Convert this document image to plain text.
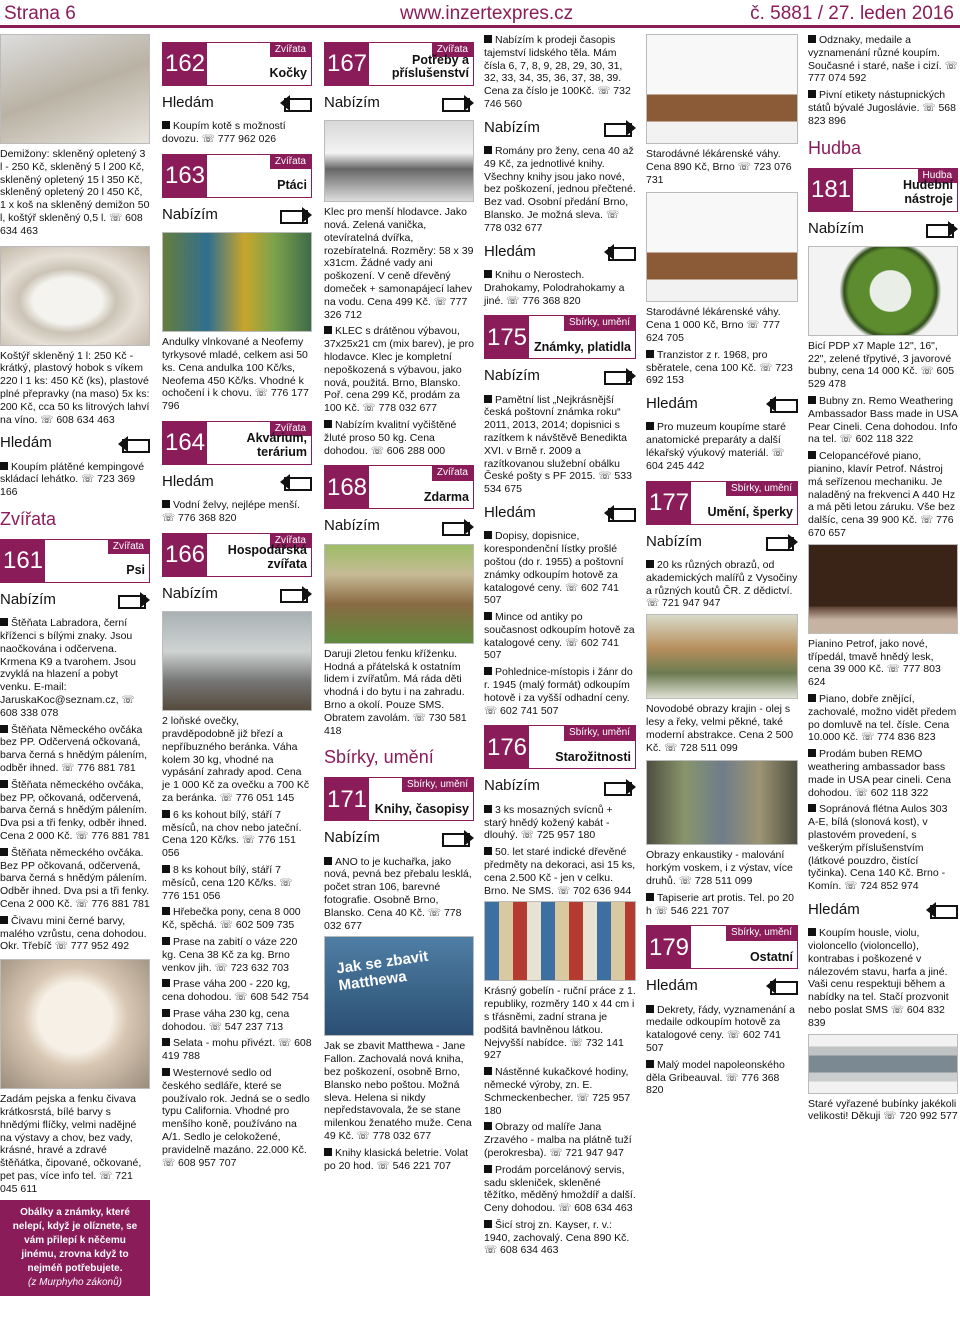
Strana 6	www.inzertexpres.cz	č. 5881 / 27. leden 2016

Demižony: skleněný opletený 3 l - 250 Kč, skleněný 5 l 200 Kč, skleněný opletený 15 l 350 Kč, skleněný opletený 20 l 450 Kč, 1 x koš na skleněný demižon 50 l, koštýř skleněný 0,5 l. ☏ 608 634 463

Koštýř skleněný 1 l: 250 Kč - krátký, plastový hobok s víkem 220 l 1 ks: 450 Kč (ks), plastové plné přepravky (na maso) 5x ks: 200 Kč, cca 50 ks litrových lahví na víno. ☏ 608 634 463

Hledám

Koupím plátěné kempingové skládací lehátko. ☏ 723 369 166

Zvířata
161
Zvířata
Psi
Nabízím

Štěňata Labradora, černí kříženci s bílými znaky. Jsou naočkována i odčervena. Krmena K9 a tvarohem. Jsou zvyklá na hlazení a pobyt venku. E-mail: JaruskaKoc@seznam.cz, ☏ 608 338 078

Štěňata Německého ovčáka bez PP. Odčervená očkovaná, barva černá s hnědým pálením, odběr ihned. ☏ 776 881 781

Štěňata německého ovčáka, bez PP, očkovaná, odčervená, barva černá s hnědým pálením. Dva psi a tři fenky, odběr ihned. Cena 2 000 Kč. ☏ 776 881 781

Štěňata německého ovčáka. Bez PP očkovaná, odčervená, barva černá s hnědým pálením. Odběr ihned. Dva psi a tři fenky. Cena 2 000 Kč. ☏ 776 881 781

Čivavu mini černé barvy, malého vzrůstu, cena dohodou. Okr. Třebíč ☏ 777 952 492

Zadám pejska a fenku čivava krátkosrstá, bílé barvy s hnědými flíčky, velmi nadějné na výstavy a chov, bez vady, krásné, hravé a zdravé štěňátka, čipované, očkované, pet pas, více info tel. ☏ 721 045 611

Obálky a známky, které nelepí, když je olíznete, se vám přilepí k něčemu jinému, zrovna když to nejméň potřebujete.
(z Murphyho zákonů)
162
Zvířata
Kočky
Hledám

Koupím kotě s možností dovozu. ☏ 777 962 026

163
Zvířata
Ptáci
Nabízím

Andulky vlnkované a Neofemy tyrkysové mladé, celkem asi 50 ks. Cena andulka 100 Kč/ks, Neofema 450 Kč/ks. Vhodné k ochočení i k chovu. ☏ 776 177 796

164
Zvířata
Akvárium, terárium
Hledám

Vodní želvy, nejlépe menší. ☏ 776 368 820

166
Zvířata
Hospodářská zvířata
Nabízím

2 loňské ovečky, pravděpodobně již březí a nepříbuzného beránka. Váha kolem 30 kg, vhodné na vypásání zahrady apod. Cena je 1 000 Kč za ovečku a 700 Kč za beránka. ☏ 776 051 145

6 ks kohout bílý, stáří 7 měsíců, na chov nebo jateční. Cena 120 Kč/ks. ☏ 776 151 056

8 ks kohout bílý, stáří 7 měsíců, cena 120 Kč/ks. ☏ 776 151 056

Hřebečka pony, cena 8 000 Kč, spěchá. ☏ 602 509 735

Prase na zabití o váze 220 kg. Cena 38 Kč za kg. Brno venkov jih. ☏ 723 632 703

Prase váha 200 - 220 kg, cena dohodou. ☏ 608 542 754

Prase váha 230 kg, cena dohodou. ☏ 547 237 713

Selata - mohu přivézt. ☏ 608 419 788

Westernové sedlo od českého sedláře, které se používalo rok. Jedná se o sedlo typu California. Vhodné pro menšího koně, používáno na A/1. Sedlo je celokožené, pravidelně mazáno. 22.000 Kč. ☏ 608 957 707

167
Zvířata
Potřeby a příslušenství
Nabízím

Klec pro menší hlodavce. Jako nová. Zelená vanička, otevíratelná dvířka, rozebíratelná. Rozměry: 58 x 39 x31cm. Žádné vady ani poškození. V ceně dřevěný domeček + samonapájecí lahev na vodu. Cena 499 Kč. ☏ 777 326 712

KLEC s drátěnou výbavou, 37x25x21 cm (mix barev), je pro hlodavce. Klec je kompletní nepoškozená s výbavou, jako nová, použitá. Brno, Blansko. Poř. cena 299 Kč, prodám za 100 Kč. ☏ 778 032 677

Nabízím kvalitní vyčištěné žluté proso 50 kg. Cena dohodou. ☏ 606 288 000

168
Zvířata
Zdarma
Nabízím

Daruji 2letou fenku kříženku. Hodná a přátelská k ostatním lidem i zvířatům. Má ráda děti vhodná i do bytu i na zahradu. Brno a okolí. Pouze SMS. Obratem zavolám. ☏ 730 581 418

Sbírky, umění
171
Sbírky, umění
Knihy, časopisy
Nabízím

ANO to je kuchařka, jako nová, pevná bez přebalu lesklá, počet stran 106, barevné fotografie. Osobně Brno, Blansko. Cena 40 Kč. ☏ 778 032 677

Jak se zbavit Matthewa

Jak se zbavit Matthewa - Jane Fallon. Zachovalá nová kniha, bez poškození, osobně Brno, Blansko nebo poštou. Možná sleva. Helena si nikdy nepředstavovala, že se stane milenkou ženatého muže. Cena 49 Kč. ☏ 778 032 677

Knihy klasická beletrie. Volat po 20 hod. ☏ 546 221 707

Nabízím k prodeji časopis tajemství lidského těla. Mám čísla 6, 7, 8, 9, 28, 29, 30, 31, 32, 33, 34, 35, 36, 37, 38, 39. Cena za číslo je 100Kč. ☏ 732 746 560

Nabízím

Romány pro ženy, cena 40 až 49 Kč, za jednotlivé knihy. Všechny knihy jsou jako nové, bez poškození, jednou přečtené. Bez vad. Osobní předání Brno, Blansko. Je možná sleva. ☏ 778 032 677

Hledám

Knihu o Nerostech. Drahokamy, Polodrahokamy a jiné. ☏ 776 368 820

175
Sbírky, umění
Známky, platidla
Nabízím

Pamětní list „Nejkrásnější česká poštovní známka roku“ 2011, 2013, 2014; dopisnici s razítkem k návštěvě Benedikta XVI. v Brně r. 2009 a razítkovanou služební obálku České pošty s PF 2015. ☏ 533 534 675

Hledám

Dopisy, dopisnice, korespondenční lístky prošlé poštou (do r. 1955) a poštovní známky odkoupím hotově za katalogové ceny. ☏ 602 741 507

Mince od antiky po současnost odkoupím hotově za katalogové ceny. ☏ 602 741 507

Pohlednice-místopis i žánr do r. 1945 (malý formát) odkoupím hotově i za vyšší odhadní ceny. ☏ 602 741 507

176
Sbírky, umění
Starožitnosti
Nabízím

3 ks mosazných svícnů + starý hnědý kožený kabát - dlouhý. ☏ 725 957 180

50. let staré indické dřevěné předměty na dekoraci, asi 15 ks, cena 2.500 Kč - jen v celku. Brno. Ne SMS. ☏ 702 636 944

Krásný gobelín - ruční práce z 1. republiky, rozměry 140 x 44 cm i s třásněmi, zadní strana je podšitá bavlněnou látkou. Nejvyšší nabídce. ☏ 732 141 927

Nástěnné kukačkové hodiny, německé výroby, zn. E. Schmeckenbecher. ☏ 725 957 180

Obrazy od malíře Jana Zrzavého - malba na plátně tuží (perokresba). ☏ 721 947 947

Prodám porcelánový servis, sadu skleniček, skleněné těžítko, měděný hmoždíř a další. Ceny dohodou. ☏ 608 634 463

Šicí stroj zn. Kayser, r. v.: 1940, zachovalý. Cena 890 Kč. ☏ 608 634 463

Starodávné lékárenské váhy. Cena 890 Kč, Brno ☏ 723 076 731

Starodávné lékárenské váhy. Cena 1 000 Kč, Brno ☏ 777 624 705

Tranzistor z r. 1968, pro sběratele, cena 100 Kč. ☏ 723 692 153

Hledám

Pro muzeum koupíme staré anatomické preparáty a další lékařský výukový materiál. ☏ 604 245 442

177
Sbírky, umění
Umění, šperky
Nabízím

20 ks různých obrazů, od akademických malířů z Vysočiny a různých koutů ČR. Z dědictví. ☏ 721 947 947

Novodobé obrazy krajin - olej s lesy a řeky, velmi pěkné, také moderní abstrakce. Cena 2 500 Kč. ☏ 728 511 099

Obrazy enkaustiky - malování horkým voskem, i z výstav, více druhů. ☏ 728 511 099

Tapiserie art protis. Tel. po 20 h ☏ 546 221 707

179
Sbírky, umění
Ostatní
Hledám

Dekrety, řády, vyznamenání a medaile odkoupím hotově za katalogové ceny. ☏ 602 741 507

Malý model napoleonského děla Gribeauval. ☏ 776 368 820

Odznaky, medaile a vyznamenání různé koupím. Současné i staré, naše i cizí. ☏ 777 074 592

Pivní etikety nástupnických států bývalé Jugoslávie. ☏ 568 823 896

Hudba
181
Hudba
Hudební nástroje
Nabízím

Bicí PDP x7 Maple 12", 16", 22", zelené třpytivé, 3 javorové bubny, cena 14 000 Kč. ☏ 605 529 478

Bubny zn. Remo Weathering Ambassador Bass made in USA Pear Cineli. Cena dohodou. Info na tel. ☏ 602 118 322

Celopancéřové piano, pianino, klavír Petrof. Nástroj má seřízenou mechaniku. Je naladěný na frekvenci A 440 Hz a má pěti letou záruku. Vše bez dalšíc, cena 39 900 Kč. ☏ 776 670 657

Pianino Petrof, jako nové, třípedál, tmavě hnědý lesk, cena 39 000 Kč. ☏ 777 803 624

Piano, dobře znějící, zachovalé, možno vidět předem po domluvě na tel. čísle. Cena 10.000 Kč. ☏ 774 836 823

Prodám buben REMO weathering ambassador bass made in USA pear cineli. Cena dohodou. ☏ 602 118 322

Sopránová flétna Aulos 303 A-E, bílá (slonová kost), v plastovém provedení, s veškerým příslušenstvím (látkové pouzdro, čistící tyčinka). Cena 140 Kč. Brno - Komín. ☏ 724 852 974

Hledám

Koupím housle, violu, violoncello (violoncello), kontrabas i poškozené v nálezovém stavu, harfa a jiné. Vaši cenu respektuji během a nabídky na tel. Stačí prozvonit nebo poslat SMS ☏ 604 832 839

Staré vyřazené bubínky jakékoli velikosti! Děkuji ☏ 720 992 577
